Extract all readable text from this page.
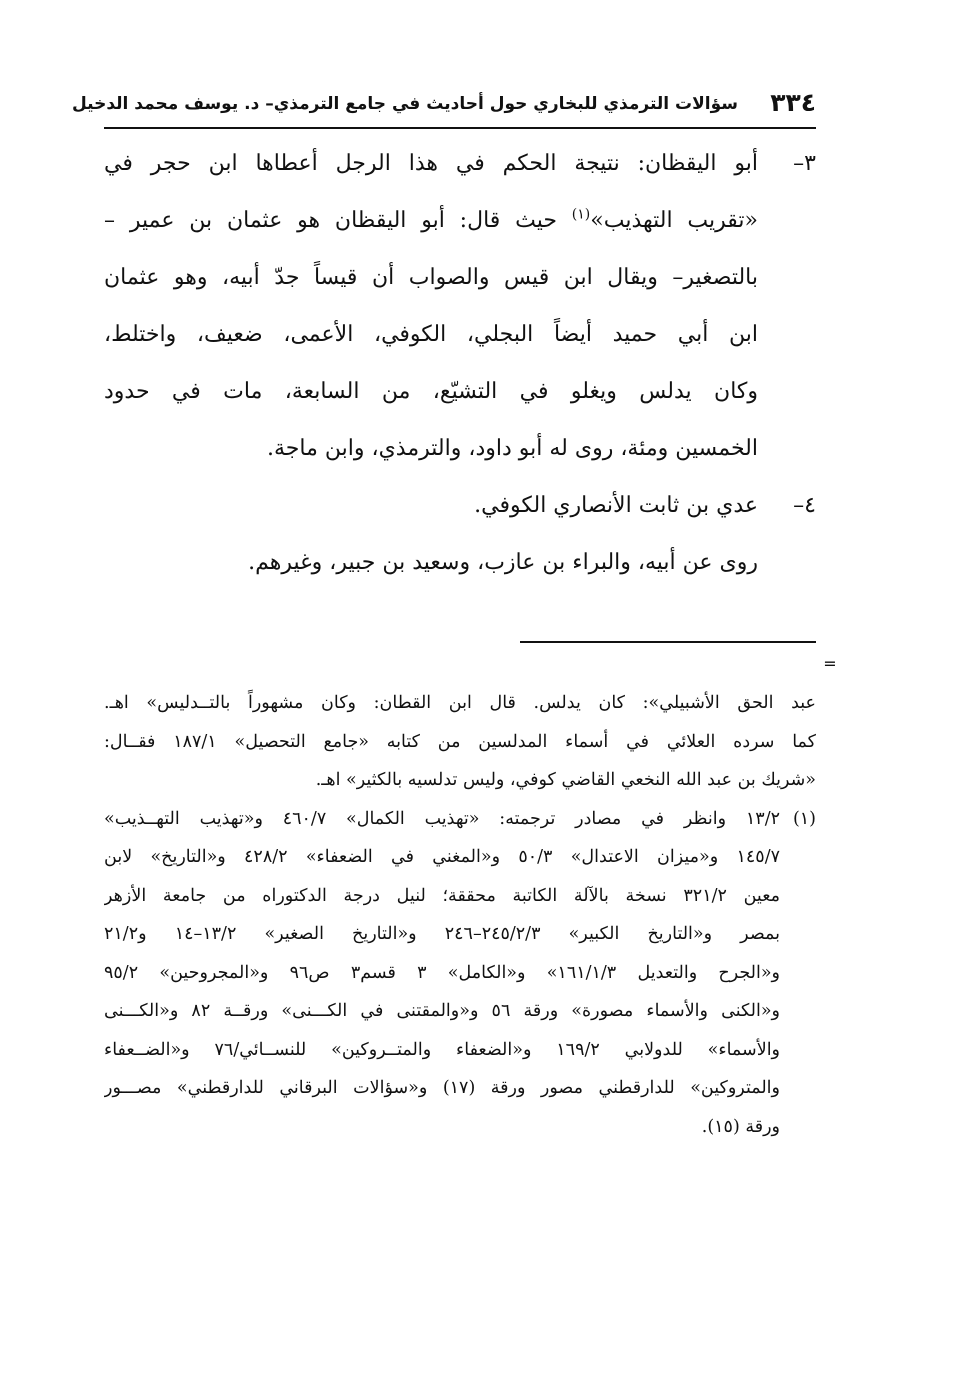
٣٣٤
سؤالات الترمذي للبخاري حول أحاديث في جامع الترمذي– د. يوسف محمد الدخيل
٣–أبو اليقظان: نتيجة الحكم في هذا الرجل أعطاها ابن حجر في
«تقريب التهذيب»$^{(١)}$ حيث قال: أبو اليقظان هو عثمان بن عمير –
بالتصغير– ويقال ابن قيس والصواب أن قيساً جدّ أبيه، وهو عثمان
ابن أبي حميد أيضاً البجلي، الكوفي، الأعمى، ضعيف، واختلط،
وكان يدلس ويغلو في التشيّع، من السابعة، مات في حدود
الخمسين ومئة، روى له أبو داود، والترمذي، وابن ماجة.
٤–عدي بن ثابت الأنصاري الكوفي.
روى عن أبيه، والبراء بن عازب، وسعيد بن جبير، وغيرهم.
=
عبد الحق الأشبيلي»: كان يدلس. قال ابن القطان: وكان مشهوراً بالتــدليس» اهـ.
كما سرده العلائي في أسماء المدلسين من كتابه «جامع التحصيل» ١٨٧/١ فقــال:
«شريك بن عبد الله النخعي القاضي كوفي، وليس تدلسيه بالكثير» اهـ.
(١)١٣/٢ وانظر في مصادر ترجمته: «تهذيب الكمال» ٤٦٠/٧ و«تهذيب التهــذيب»
١٤٥/٧ و«ميزان الاعتدال» ٥٠/٣ و«المغني في الضعفاء» ٤٢٨/٢ و«التاريخ» لابن
معين ٣٢١/٢ نسخة بالآلة الكاتبة محققة؛ لنيل درجة الدكتوراه من جامعة الأزهر
بمصر و«التاريخ الكبير» ٢٤٥/٢/٣–٢٤٦ و«التاريخ الصغير» ١٣/٢–١٤ و٢١/٢
و«الجرح والتعديل ١٦١/١/٣» و«الكامل» ٣ قسم٣ ص٩٦ و«المجروحين» ٩٥/٢
و«الكنى والأسماء مصورة» ورقة ٥٦ و«والمقتنى في الكـــنى» ورقــة ٨٢ و«الكـــنى
والأسماء» للدولابي ١٦٩/٢ و«الضعفاء والمتــروكين» للنســائي/٧٦ و«الضــعفاء
والمتروكين» للدارقطني مصور ورقة (١٧) و«سؤالات البرقاني للدارقطني» مصـــور
ورقة (١٥).
